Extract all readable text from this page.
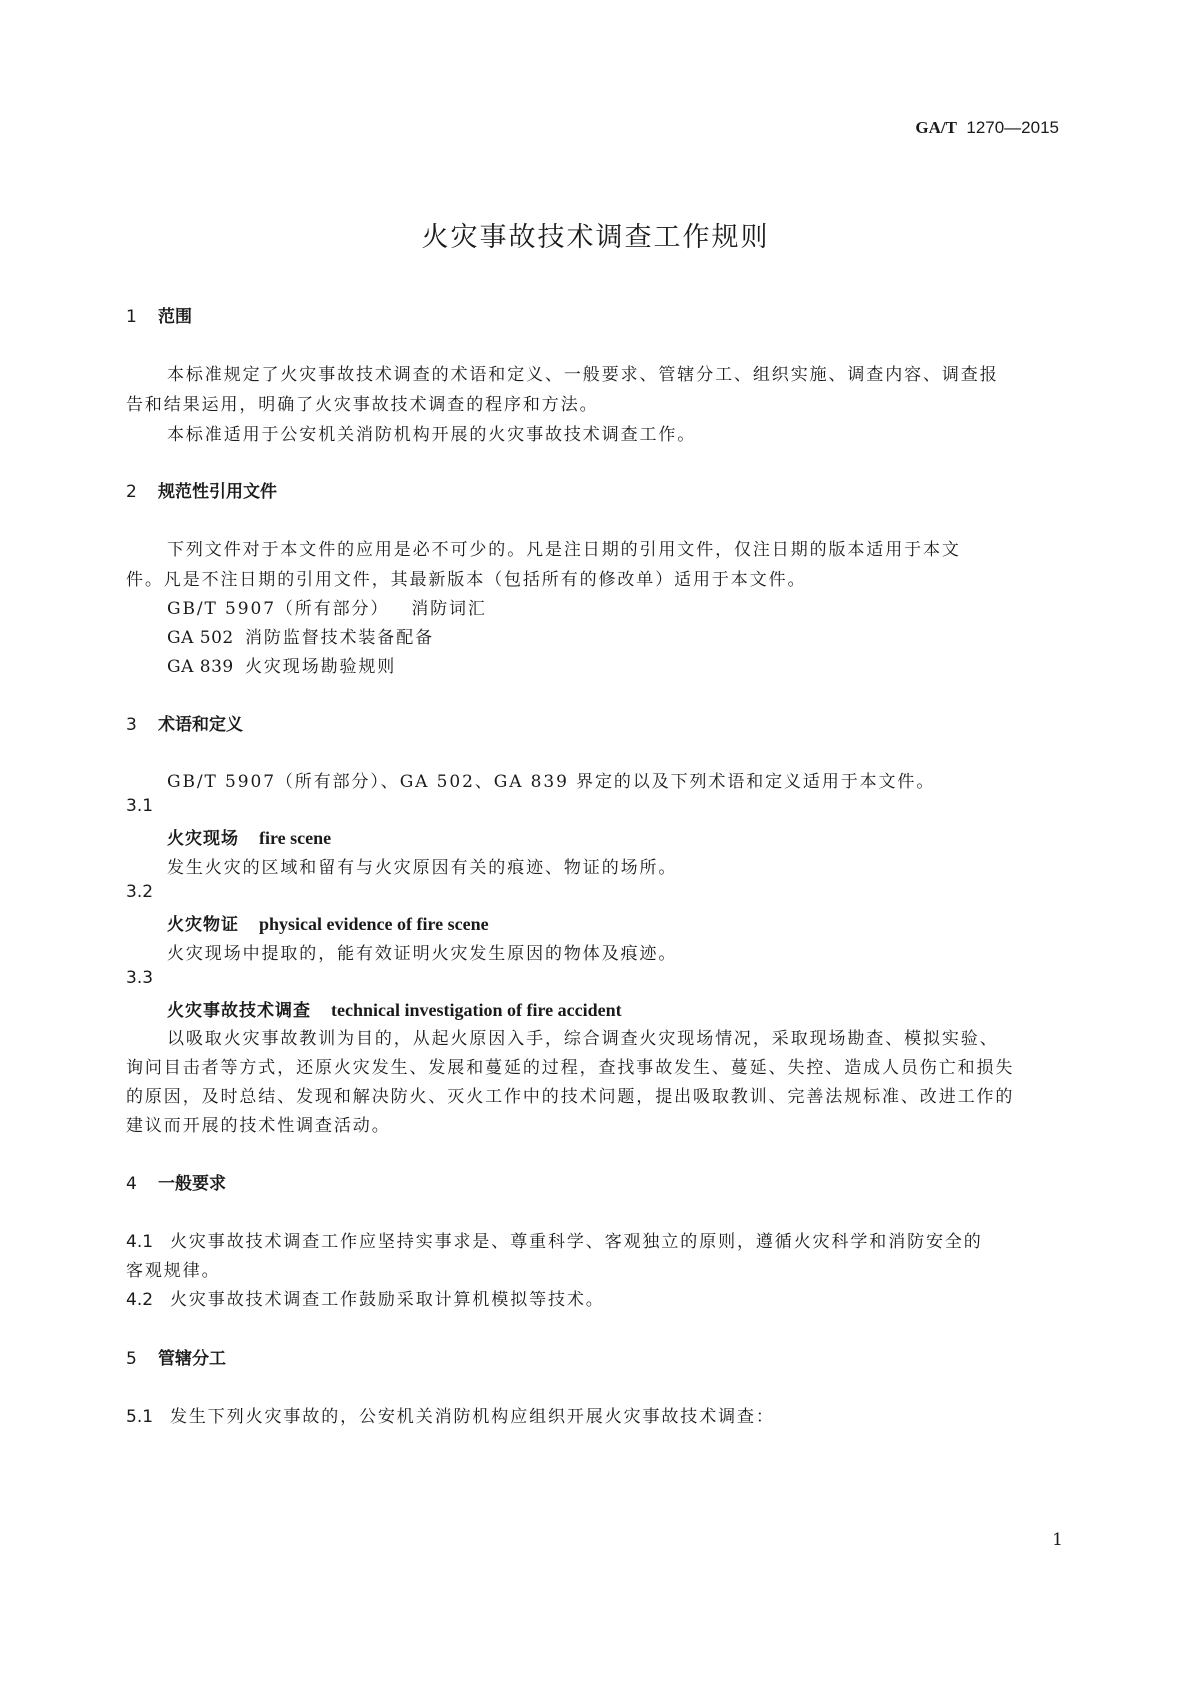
GA/T 1270—2015
火灾事故技术调查工作规则
1 范围
本标准规定了火灾事故技术调查的术语和定义、一般要求、管辖分工、组织实施、调查内容、调查报
告和结果运用，明确了火灾事故技术调查的程序和方法。
本标准适用于公安机关消防机构开展的火灾事故技术调查工作。
2 规范性引用文件
下列文件对于本文件的应用是必不可少的。凡是注日期的引用文件，仅注日期的版本适用于本文
件。凡是不注日期的引用文件，其最新版本（包括所有的修改单）适用于本文件。
GB/T 5907（所有部分） 消防词汇
GA 502 消防监督技术装备配备
GA 839 火灾现场勘验规则
3 术语和定义
GB/T 5907（所有部分）、GA 502、GA 839 界定的以及下列术语和定义适用于本文件。
3.1
火灾现场 fire scene
发生火灾的区域和留有与火灾原因有关的痕迹、物证的场所。
3.2
火灾物证 physical evidence of fire scene
火灾现场中提取的，能有效证明火灾发生原因的物体及痕迹。
3.3
火灾事故技术调查 technical investigation of fire accident
以吸取火灾事故教训为目的，从起火原因入手，综合调查火灾现场情况，采取现场勘查、模拟实验、
询问目击者等方式，还原火灾发生、发展和蔓延的过程，查找事故发生、蔓延、失控、造成人员伤亡和损失
的原因，及时总结、发现和解决防火、灭火工作中的技术问题，提出吸取教训、完善法规标准、改进工作的
建议而开展的技术性调查活动。
4 一般要求
4.1 火灾事故技术调查工作应坚持实事求是、尊重科学、客观独立的原则，遵循火灾科学和消防安全的
客观规律。
4.2 火灾事故技术调查工作鼓励采取计算机模拟等技术。
5 管辖分工
5.1 发生下列火灾事故的，公安机关消防机构应组织开展火灾事故技术调查：
1
